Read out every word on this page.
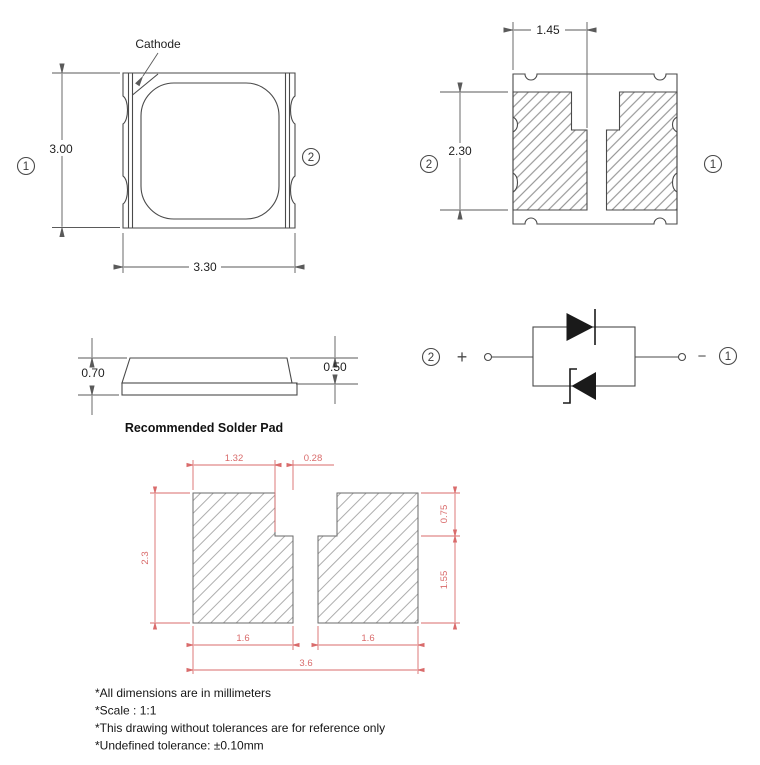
Cathode
3.00
3.30
1
2
1.45
2.30
2	1
0.70	0.50
Recommended Solder Pad
2 +	− 1
1.32	0.28
2.3
0.75
1.55
1.6	1.6
3.6
*All dimensions are in millimeters
*Scale : 1:1
*This drawing without tolerances are for reference only
*Undefined tolerance: ±0.10mm
